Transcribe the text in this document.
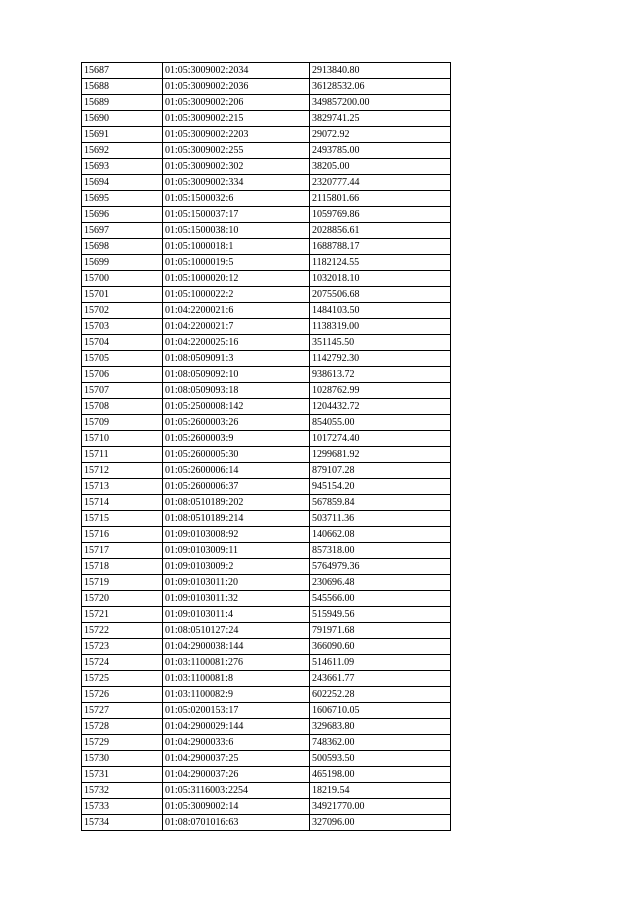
15687	01:05:3009002:2034	2913840.80
15688	01:05:3009002:2036	36128532.06
15689	01:05:3009002:206	349857200.00
15690	01:05:3009002:215	3829741.25
15691	01:05:3009002:2203	29072.92
15692	01:05:3009002:255	2493785.00
15693	01:05:3009002:302	38205.00
15694	01:05:3009002:334	2320777.44
15695	01:05:1500032:6	2115801.66
15696	01:05:1500037:17	1059769.86
15697	01:05:1500038:10	2028856.61
15698	01:05:1000018:1	1688788.17
15699	01:05:1000019:5	1182124.55
15700	01:05:1000020:12	1032018.10
15701	01:05:1000022:2	2075506.68
15702	01:04:2200021:6	1484103.50
15703	01:04:2200021:7	1138319.00
15704	01:04:2200025:16	351145.50
15705	01:08:0509091:3	1142792.30
15706	01:08:0509092:10	938613.72
15707	01:08:0509093:18	1028762.99
15708	01:05:2500008:142	1204432.72
15709	01:05:2600003:26	854055.00
15710	01:05:2600003:9	1017274.40
15711	01:05:2600005:30	1299681.92
15712	01:05:2600006:14	879107.28
15713	01:05:2600006:37	945154.20
15714	01:08:0510189:202	567859.84
15715	01:08:0510189:214	503711.36
15716	01:09:0103008:92	140662.08
15717	01:09:0103009:11	857318.00
15718	01:09:0103009:2	5764979.36
15719	01:09:0103011:20	230696.48
15720	01:09:0103011:32	545566.00
15721	01:09:0103011:4	515949.56
15722	01:08:0510127:24	791971.68
15723	01:04:2900038:144	366090.60
15724	01:03:1100081:276	514611.09
15725	01:03:1100081:8	243661.77
15726	01:03:1100082:9	602252.28
15727	01:05:0200153:17	1606710.05
15728	01:04:2900029:144	329683.80
15729	01:04:2900033:6	748362.00
15730	01:04:2900037:25	500593.50
15731	01:04:2900037:26	465198.00
15732	01:05:3116003:2254	18219.54
15733	01:05:3009002:14	34921770.00
15734	01:08:0701016:63	327096.00
